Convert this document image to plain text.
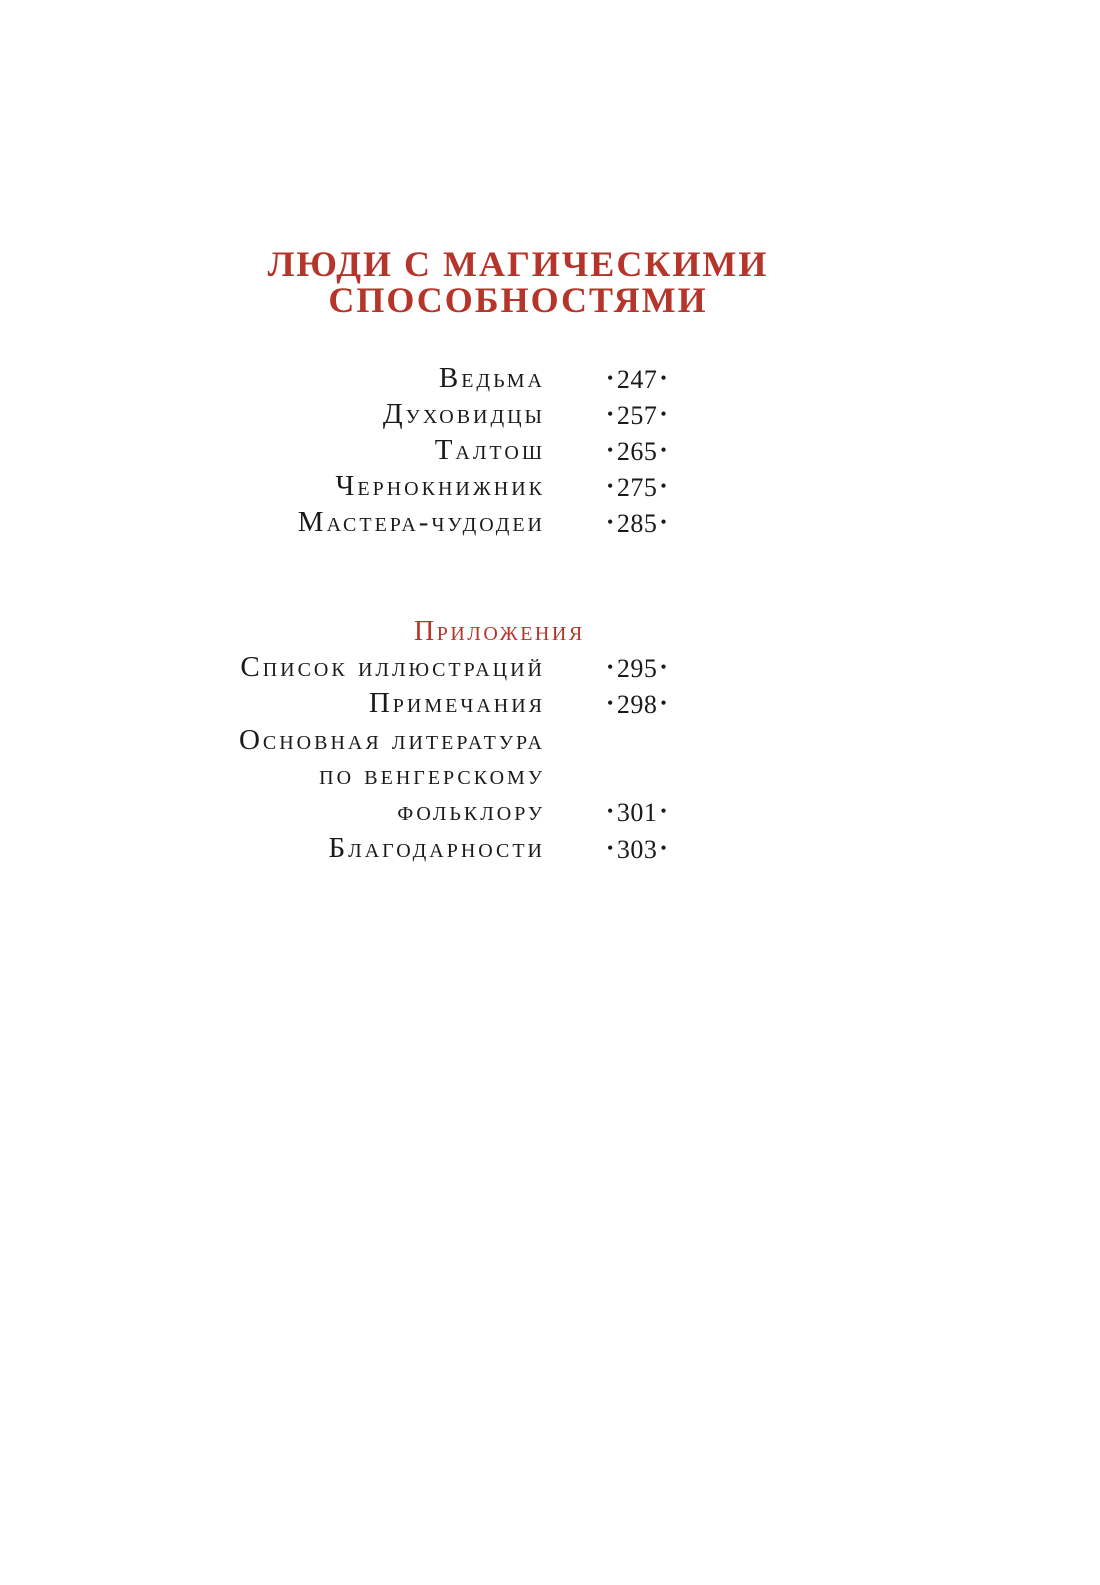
ЛЮДИ С МАГИЧЕСКИМИ
СПОСОБНОСТЯМИ
Ведьма	• 247 •
Духовидцы	• 257 •
Талтош	• 265 •
Чернокнижник	• 275 •
Мастера-чудодеи	• 285 •
Приложения
Список иллюстраций	• 295 •
Примечания	• 298 •
Основная литература
по венгерскому
фольклору	• 301 •
Благодарности	• 303 •
